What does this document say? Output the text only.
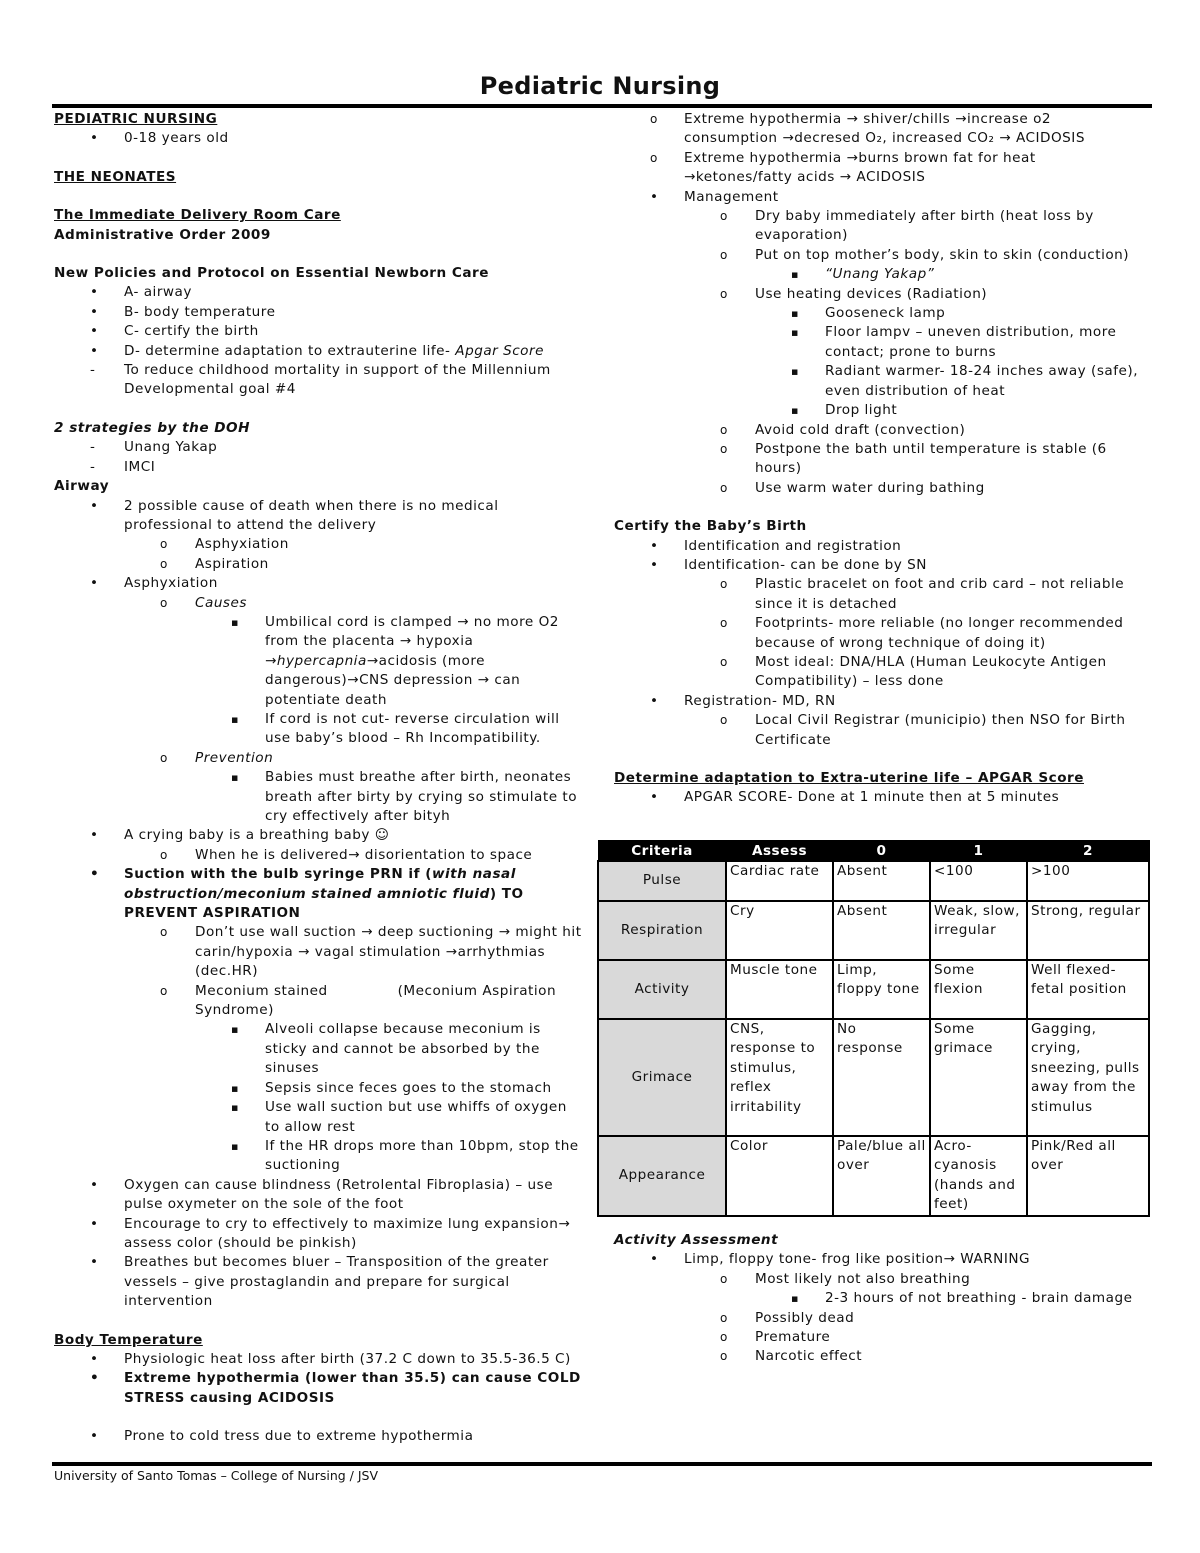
Pediatric Nursing

PEDIATRIC NURSING

•
0-18 years old

THE NEONATES

The Immediate Delivery Room Care

Administrative Order 2009

New Policies and Protocol on Essential Newborn Care

•
A- airway

•
B- body temperature

•
C- certify the birth

•
D- determine adaptation to extrauterine life- Apgar Score

-
To reduce childhood mortality in support of the Millennium Developmental goal #4

2 strategies by the DOH

-
Unang Yakap

-
IMCI

Airway

•
2 possible cause of death when there is no medical professional to attend the delivery

o
Asphyxiation

o
Aspiration

•
Asphyxiation

o
Causes

▪
Umbilical cord is clamped → no more O2 from the placenta → hypoxia →hypercapnia→acidosis (more dangerous)→CNS depression → can potentiate death

▪
If cord is not cut- reverse circulation will use baby’s blood – Rh Incompatibility.

o
Prevention

▪
Babies must breathe after birth, neonates breath after birty by crying so stimulate to cry effectively after bityh

•
A crying baby is a breathing baby ☺

o
When he is delivered→ disorientation to space

•
Suction with the bulb syringe PRN if (with nasal obstruction/meconium stained amniotic fluid) TO PREVENT ASPIRATION

o
Don’t use wall suction → deep suctioning → might hit carin/hypoxia → vagal stimulation →arrhythmias (dec.HR)

o
Meconium stained	(Meconium Aspiration Syndrome)

▪
Alveoli collapse because meconium is sticky and cannot be absorbed by the sinuses

▪
Sepsis since feces goes to the stomach

▪
Use wall suction but use whiffs of oxygen to allow rest

▪
If the HR drops more than 10bpm, stop the suctioning

•
Oxygen can cause blindness (Retrolental Fibroplasia) – use pulse oxymeter on the sole of the foot

•
Encourage to cry to effectively to maximize lung expansion→ assess color (should be pinkish)

•
Breathes but becomes bluer – Transposition of the greater vessels – give prostaglandin and prepare for surgical intervention

Body Temperature

•
Physiologic heat loss after birth (37.2 C down to 35.5-36.5 C)

•
Extreme hypothermia (lower than 35.5) can cause COLD STRESS causing ACIDOSIS

•
Prone to cold tress due to extreme hypothermia

o
Extreme hypothermia → shiver/chills →increase o2 consumption →decresed O₂, increased CO₂ → ACIDOSIS

o
Extreme hypothermia →burns brown fat for heat →ketones/fatty acids → ACIDOSIS

•
Management

o
Dry baby immediately after birth (heat loss by evaporation)

o
Put on top mother’s body, skin to skin (conduction)

▪
“Unang Yakap”

o
Use heating devices (Radiation)

▪
Gooseneck lamp

▪
Floor lampv – uneven distribution, more contact; prone to burns

▪
Radiant warmer- 18-24 inches away (safe), even distribution of heat

▪
Drop light

o
Avoid cold draft (convection)

o
Postpone the bath until temperature is stable (6 hours)

o
Use warm water during bathing

Certify the Baby’s Birth

•
Identification and registration

•
Identification- can be done by SN

o
Plastic bracelet on foot and crib card – not reliable since it is detached

o
Footprints- more reliable (no longer recommended because of wrong technique of doing it)

o
Most ideal: DNA/HLA (Human Leukocyte Antigen Compatibility) – less done

•
Registration- MD, RN

o
Local Civil Registrar (municipio) then NSO for Birth Certificate

Determine adaptation to Extra-uterine life – APGAR Score

•
APGAR SCORE- Done at 1 minute then at 5 minutes

Criteria	Assess	0	1	2
Pulse	Cardiac rate	Absent	<100	>100
Respiration	Cry	Absent	Weak, slow, irregular	Strong, regular
Activity	Muscle tone	Limp, floppy tone	Some flexion	Well flexed- fetal position
Grimace	CNS, response to stimulus, reflex irritability	No response	Some grimace	Gagging, crying, sneezing, pulls away from the stimulus
Appearance	Color	Pale/blue all over	Acro-cyanosis (hands and feet)	Pink/Red all over

Activity Assessment

•
Limp, floppy tone- frog like position→ WARNING

o
Most likely not also breathing

▪
2-3 hours of not breathing - brain damage

o
Possibly dead

o
Premature

o
Narcotic effect

University of Santo Tomas – College of Nursing / JSV
